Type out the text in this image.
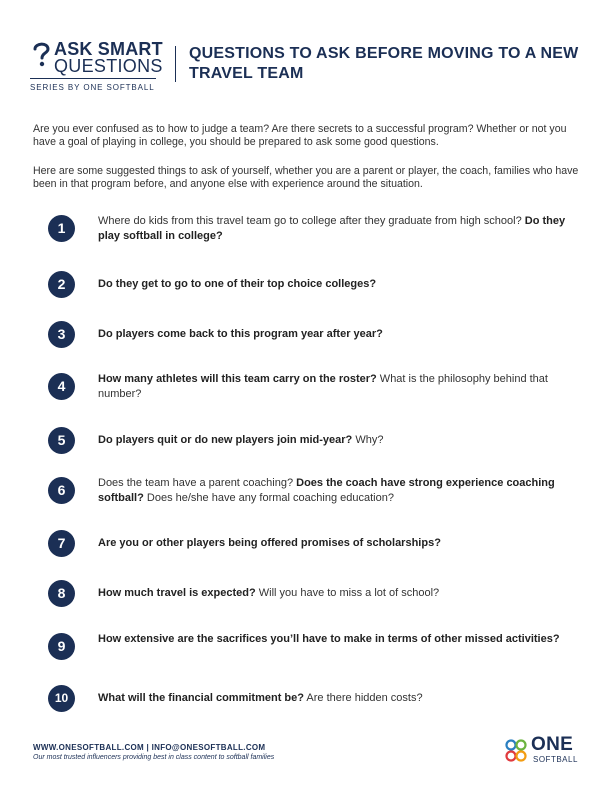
ASK SMART
QUESTIONS
SERIES BY ONE SOFTBALL
QUESTIONS TO ASK BEFORE MOVING TO A NEW TRAVEL TEAM
Are you ever confused as to how to judge a team? Are there secrets to a successful program? Whether or not you have a goal of playing in college, you should be prepared to ask some good questions.
Here are some suggested things to ask of yourself, whether you are a parent or player, the coach, families who have been in that program before, and anyone else with experience around the situation.
1	Where do kids from this travel team go to college after they graduate from high school? Do they play softball in college?
2	Do they get to go to one of their top choice colleges?
3	Do players come back to this program year after year?
4	How many athletes will this team carry on the roster? What is the philosophy behind that number?
5	Do players quit or do new players join mid-year? Why?
6	Does the team have a parent coaching? Does the coach have strong experience coaching softball? Does he/she have any formal coaching education?
7	Are you or other players being offered promises of scholarships?
8	How much travel is expected? Will you have to miss a lot of school?
9	How extensive are the sacrifices you’ll have to make in terms of other missed activities?
10	What will the financial commitment be? Are there hidden costs?
WWW.ONESOFTBALL.COM | INFO@ONESOFTBALL.COM
Our most trusted influencers providing best in class content to softball families
ONE
SOFTBALL
